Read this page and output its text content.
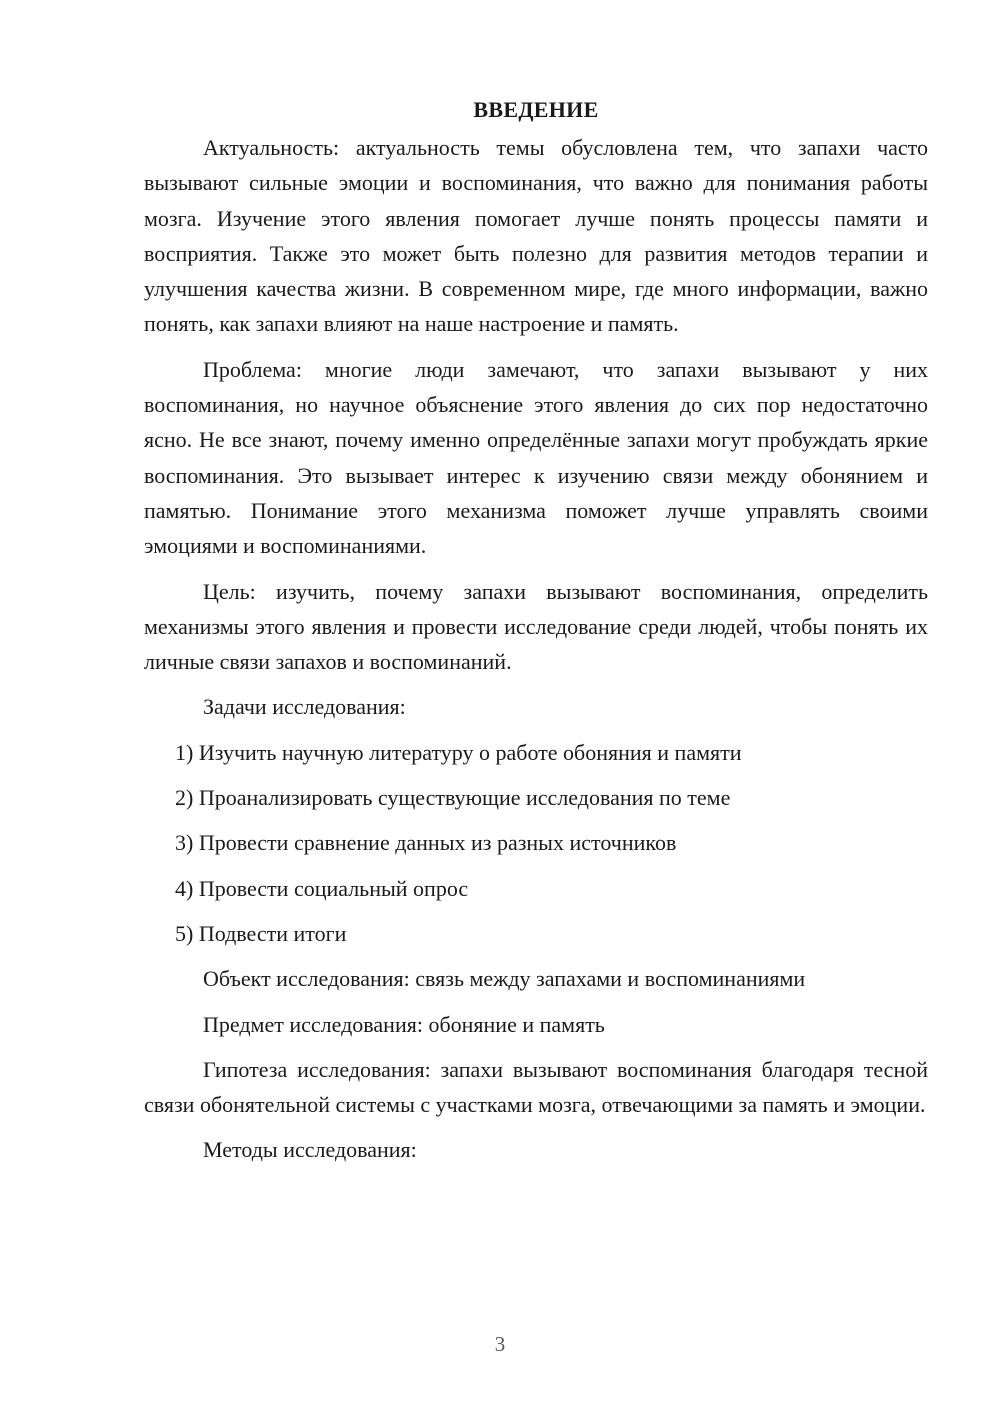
ВВЕДЕНИЕ

Актуальность: актуальность темы обусловлена тем, что запахи часто вызывают сильные эмоции и воспоминания, что важно для понимания работы мозга. Изучение этого явления помогает лучше понять процессы памяти и восприятия. Также это может быть полезно для развития методов терапии и улучшения качества жизни. В современном мире, где много информации, важно понять, как запахи влияют на наше настроение и память.

Проблема: многие люди замечают, что запахи вызывают у них воспоминания, но научное объяснение этого явления до сих пор недостаточно ясно. Не все знают, почему именно определённые запахи могут пробуждать яркие воспоминания. Это вызывает интерес к изучению связи между обонянием и памятью. Понимание этого механизма поможет лучше управлять своими эмоциями и воспоминаниями.

Цель: изучить, почему запахи вызывают воспоминания, определить механизмы этого явления и провести исследование среди людей, чтобы понять их личные связи запахов и воспоминаний.

Задачи исследования:

1) Изучить научную литературу о работе обоняния и памяти

2) Проанализировать существующие исследования по теме

3) Провести сравнение данных из разных источников

4) Провести социальный опрос

5) Подвести итоги

Объект исследования: связь между запахами и воспоминаниями

Предмет исследования: обоняние и память

Гипотеза исследования: запахи вызывают воспоминания благодаря тесной связи обонятельной системы с участками мозга, отвечающими за память и эмоции.

Методы исследования:

3
